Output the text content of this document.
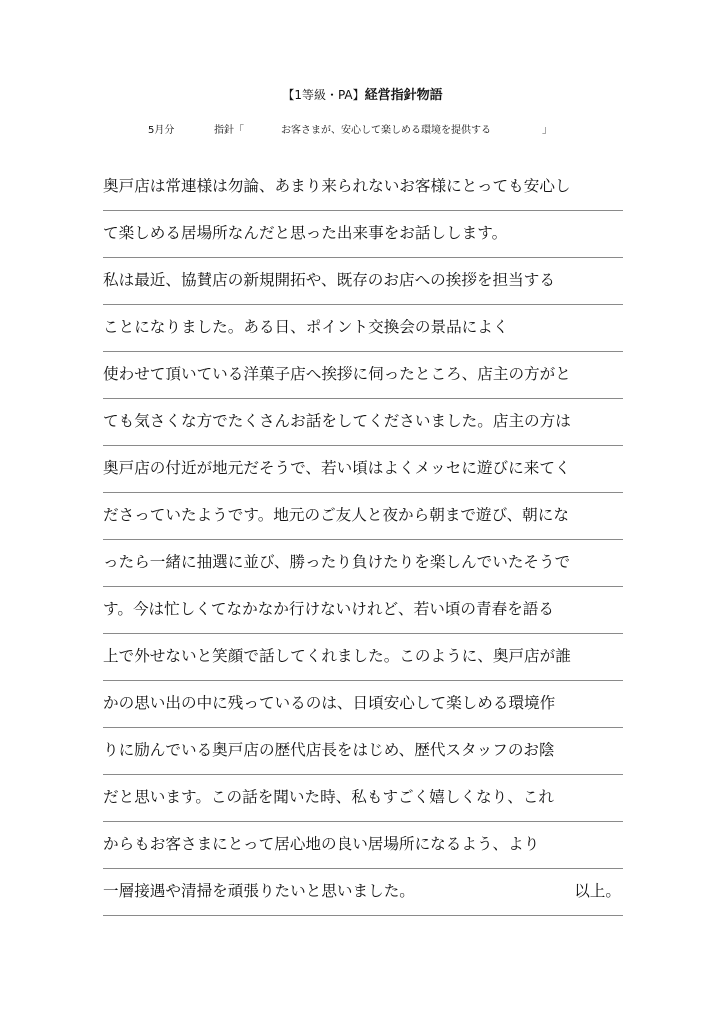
【1等級・PA】経営指針物語
5月分	指針「	お客さまが、安心して楽しめる環境を提供する	」
奥戸店は常連様は勿論、あまり来られないお客様にとっても安心し
て楽しめる居場所なんだと思った出来事をお話しします。
私は最近、協賛店の新規開拓や、既存のお店への挨拶を担当する
ことになりました。ある日、ポイント交換会の景品によく
使わせて頂いている洋菓子店へ挨拶に伺ったところ、店主の方がと
ても気さくな方でたくさんお話をしてくださいました。店主の方は
奥戸店の付近が地元だそうで、若い頃はよくメッセに遊びに来てく
ださっていたようです。地元のご友人と夜から朝まで遊び、朝にな
ったら一緒に抽選に並び、勝ったり負けたりを楽しんでいたそうで
す。今は忙しくてなかなか行けないけれど、若い頃の青春を語る
上で外せないと笑顔で話してくれました。このように、奥戸店が誰
かの思い出の中に残っているのは、日頃安心して楽しめる環境作
りに励んでいる奥戸店の歴代店長をはじめ、歴代スタッフのお陰
だと思います。この話を聞いた時、私もすごく嬉しくなり、これ
からもお客さまにとって居心地の良い居場所になるよう、より
一層接遇や清掃を頑張りたいと思いました。	以上。
